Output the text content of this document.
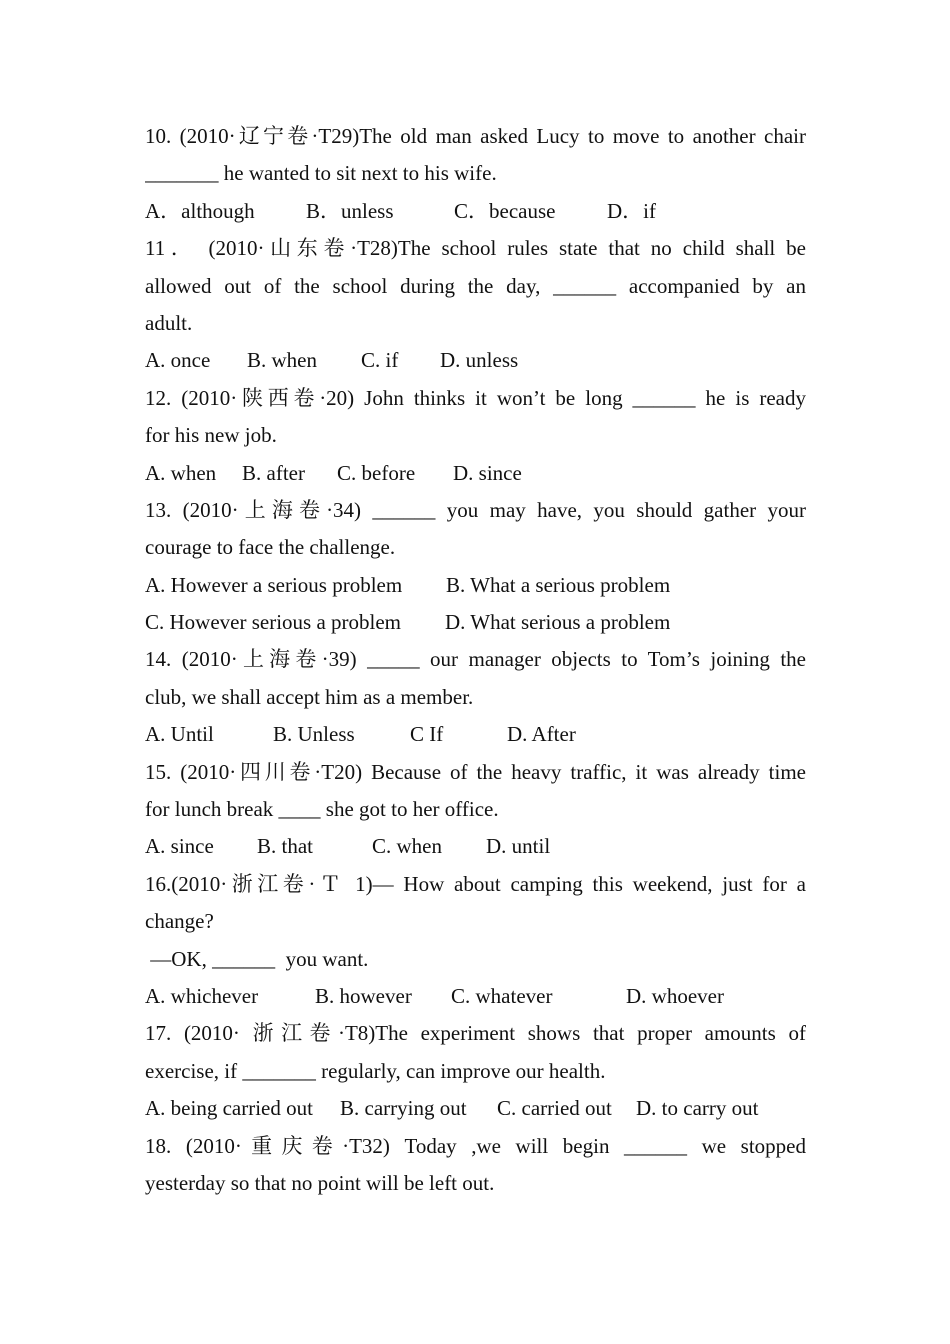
10. (2010·辽宁卷·T29)The old man asked Lucy to move to another chair
_______ he wanted to sit next to his wife.
A．although	B．unless	C．because	D．if
11． (2010·山东卷·T28)The school rules state that no child shall be
allowed out of the school during the day, ______ accompanied by an
adult.
A. once	B. when	C. if	D. unless
12. (2010·陕西卷·20) John thinks it won’t be long ______ he is ready
for his new job.
A. when	B. after	C. before	D. since
13. (2010·上海卷·34) ______ you may have, you should gather your
courage to face the challenge.
A. However a serious problem	B. What a serious problem
C. However serious a problem	D. What serious a problem
14. (2010·上海卷·39) _____ our manager objects to Tom’s joining the
club, we shall accept him as a member.
A. Until	B. Unless	C If	D. After
15. (2010·四川卷·T20) Because of the heavy traffic, it was already time
for lunch break ____ she got to her office.
A. since	B. that	C. when	D. until
16.(2010·浙江卷·Ｔ 1)— How about camping this weekend, just for a
change?
—OK, ______  you want.
A. whichever	B. however	C. whatever	D. whoever
17. (2010· 浙江卷·T8)The experiment shows that proper amounts of
exercise, if _______ regularly, can improve our health.
A. being carried out	B. carrying out	C. carried out	D. to carry out
18. (2010·重庆卷·T32) Today ,we will begin ______ we stopped
yesterday so that no point will be left out.
